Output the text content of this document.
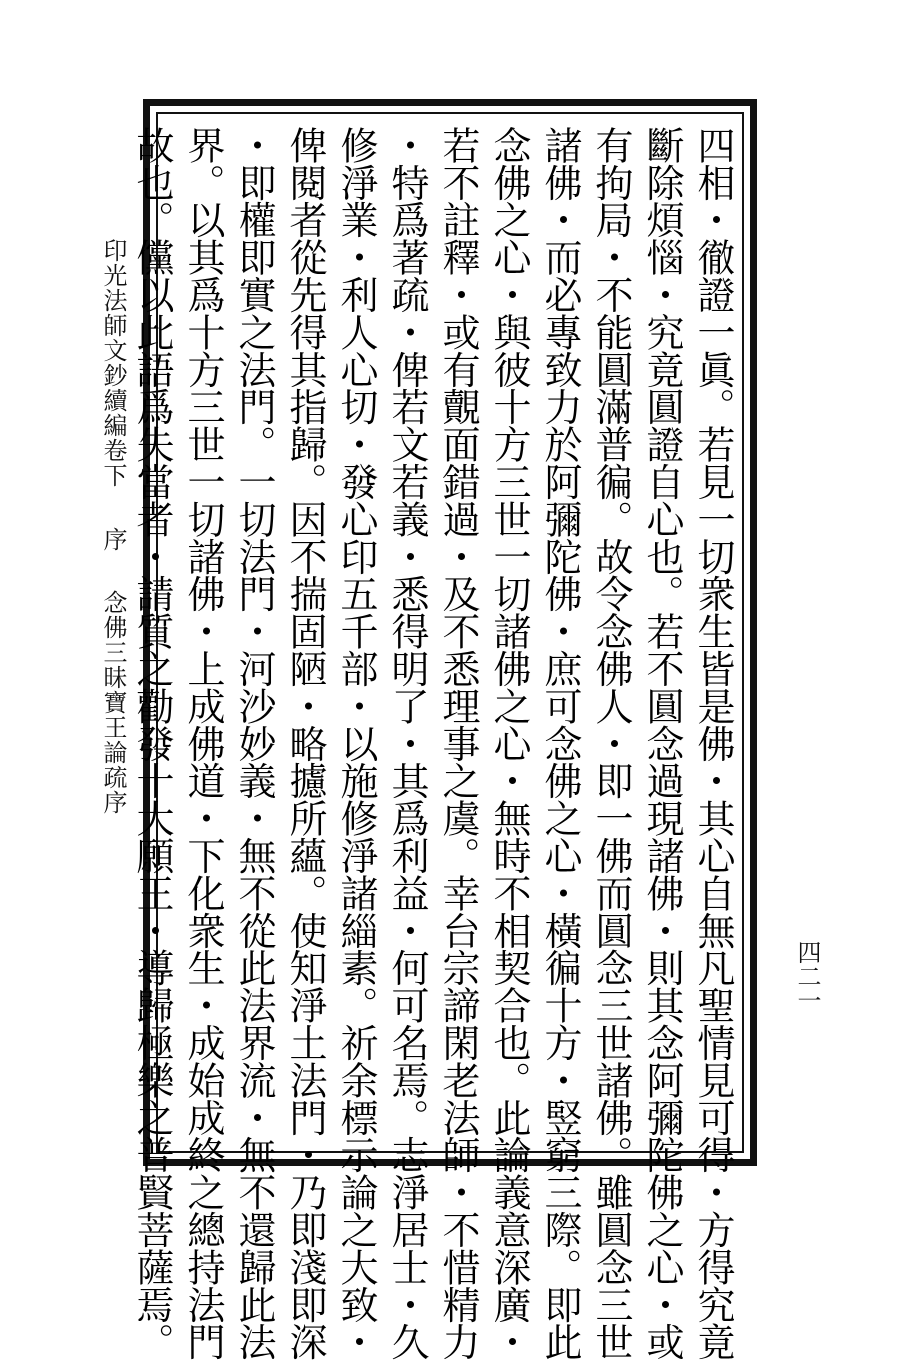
印光法師文鈔續編卷下 序 念佛三昧寶王論疏序	四相・徹證一眞。若見一切衆生皆是佛・其心自無凡聖情見可得・方得究竟
斷除煩惱・究竟圓證自心也。若不圓念過現諸佛・則其念阿彌陀佛之心・或
有拘局・不能圓滿普徧。故令念佛人・即一佛而圓念三世諸佛。雖圓念三世
諸佛・而必專致力於阿彌陀佛・庶可念佛之心・橫徧十方・竪窮三際。即此
念佛之心・與彼十方三世一切諸佛之心・無時不相契合也。此論義意深廣・
若不註釋・或有覿面錯過・及不悉理事之虞。幸台宗諦閑老法師・不惜精力
・特爲著疏・俾若文若義・悉得明了・其爲利益・何可名焉。志淨居士・久
修淨業・利人心切・發心印五千部・以施修淨諸緇素。祈余標示論之大致・
俾閱者從先得其指歸。因不揣固陋・略攄所蘊。使知淨土法門・乃即淺即深
・即權即實之法門。一切法門・河沙妙義・無不從此法界流・無不還歸此法
界。以其爲十方三世一切諸佛・上成佛道・下化衆生・成始成終之總持法門
故也。儻以此語爲失當者・請質之勸發十大願王・導歸極樂之普賢菩薩焉。	四二一
